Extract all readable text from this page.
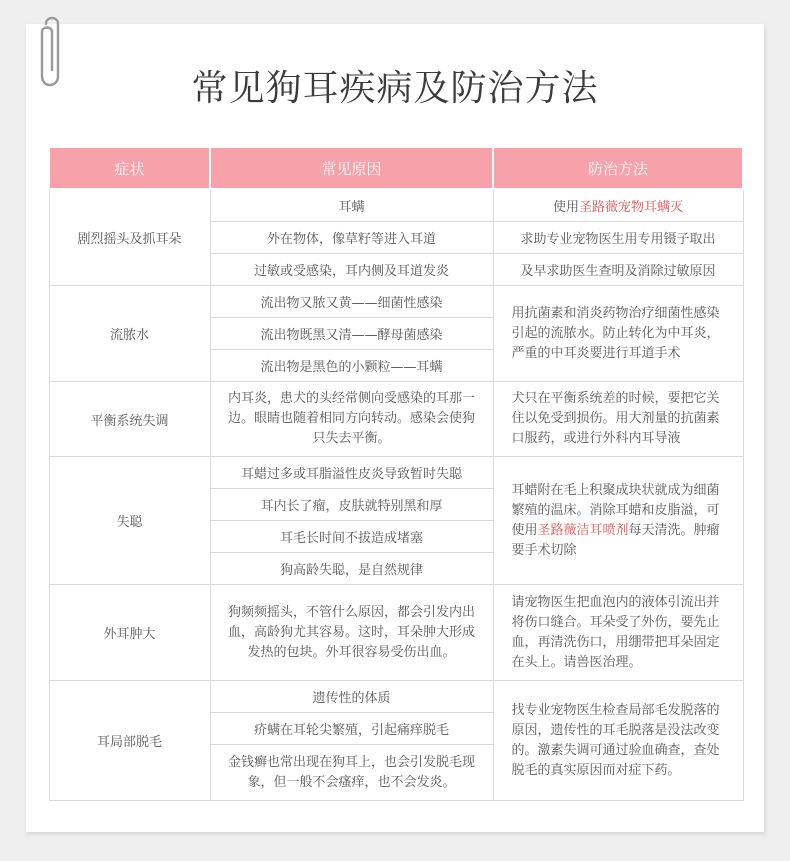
常见狗耳疾病及防治方法
症状	常见原因	防治方法
剧烈摇头及抓耳朵	耳螨	使用圣路薇宠物耳螨灭
	外在物体，像草籽等进入耳道	求助专业宠物医生用专用镊子取出
	过敏或受感染，耳内侧及耳道发炎	及早求助医生查明及消除过敏原因
流脓水	流出物又脓又黄——细菌性感染	用抗菌素和消炎药物治疗细菌性感染引起的流脓水。防止转化为中耳炎，严重的中耳炎要进行耳道手术
	流出物既黑又清——酵母菌感染	
	流出物是黑色的小颗粒——耳螨	
平衡系统失调	内耳炎，患犬的头经常侧向受感染的耳那一边。眼睛也随着相同方向转动。感染会使狗只失去平衡。	犬只在平衡系统差的时候，要把它关住以免受到损伤。用大剂量的抗菌素口服药，或进行外科内耳导液
失聪	耳蜡过多或耳脂溢性皮炎导致暂时失聪	耳蜡附在毛上积聚成块状就成为细菌繁殖的温床。消除耳蜡和皮脂溢，可使用圣路薇洁耳喷剂每天清洗。肿瘤要手术切除
	耳内长了瘤，皮肤就特别黑和厚	
	耳毛长时间不拔造成堵塞	
	狗高龄失聪，是自然规律	
外耳肿大	狗频频摇头，不管什么原因，都会引发内出血，高龄狗尤其容易。这时，耳朵肿大形成发热的包块。外耳很容易受伤出血。	请宠物医生把血泡内的液体引流出并将伤口缝合。耳朵受了外伤，要先止血，再清洗伤口，用绷带把耳朵固定在头上。请兽医治理。
耳局部脱毛	遗传性的体质	找专业宠物医生检查局部毛发脱落的原因，遗传性的耳毛脱落是没法改变的。激素失调可通过验血确查，查处脱毛的真实原因而对症下药。
	疥螨在耳轮尖繁殖，引起痛痒脱毛	
	金钱癣也常出现在狗耳上，也会引发脱毛现象，但一般不会瘙痒，也不会发炎。	
